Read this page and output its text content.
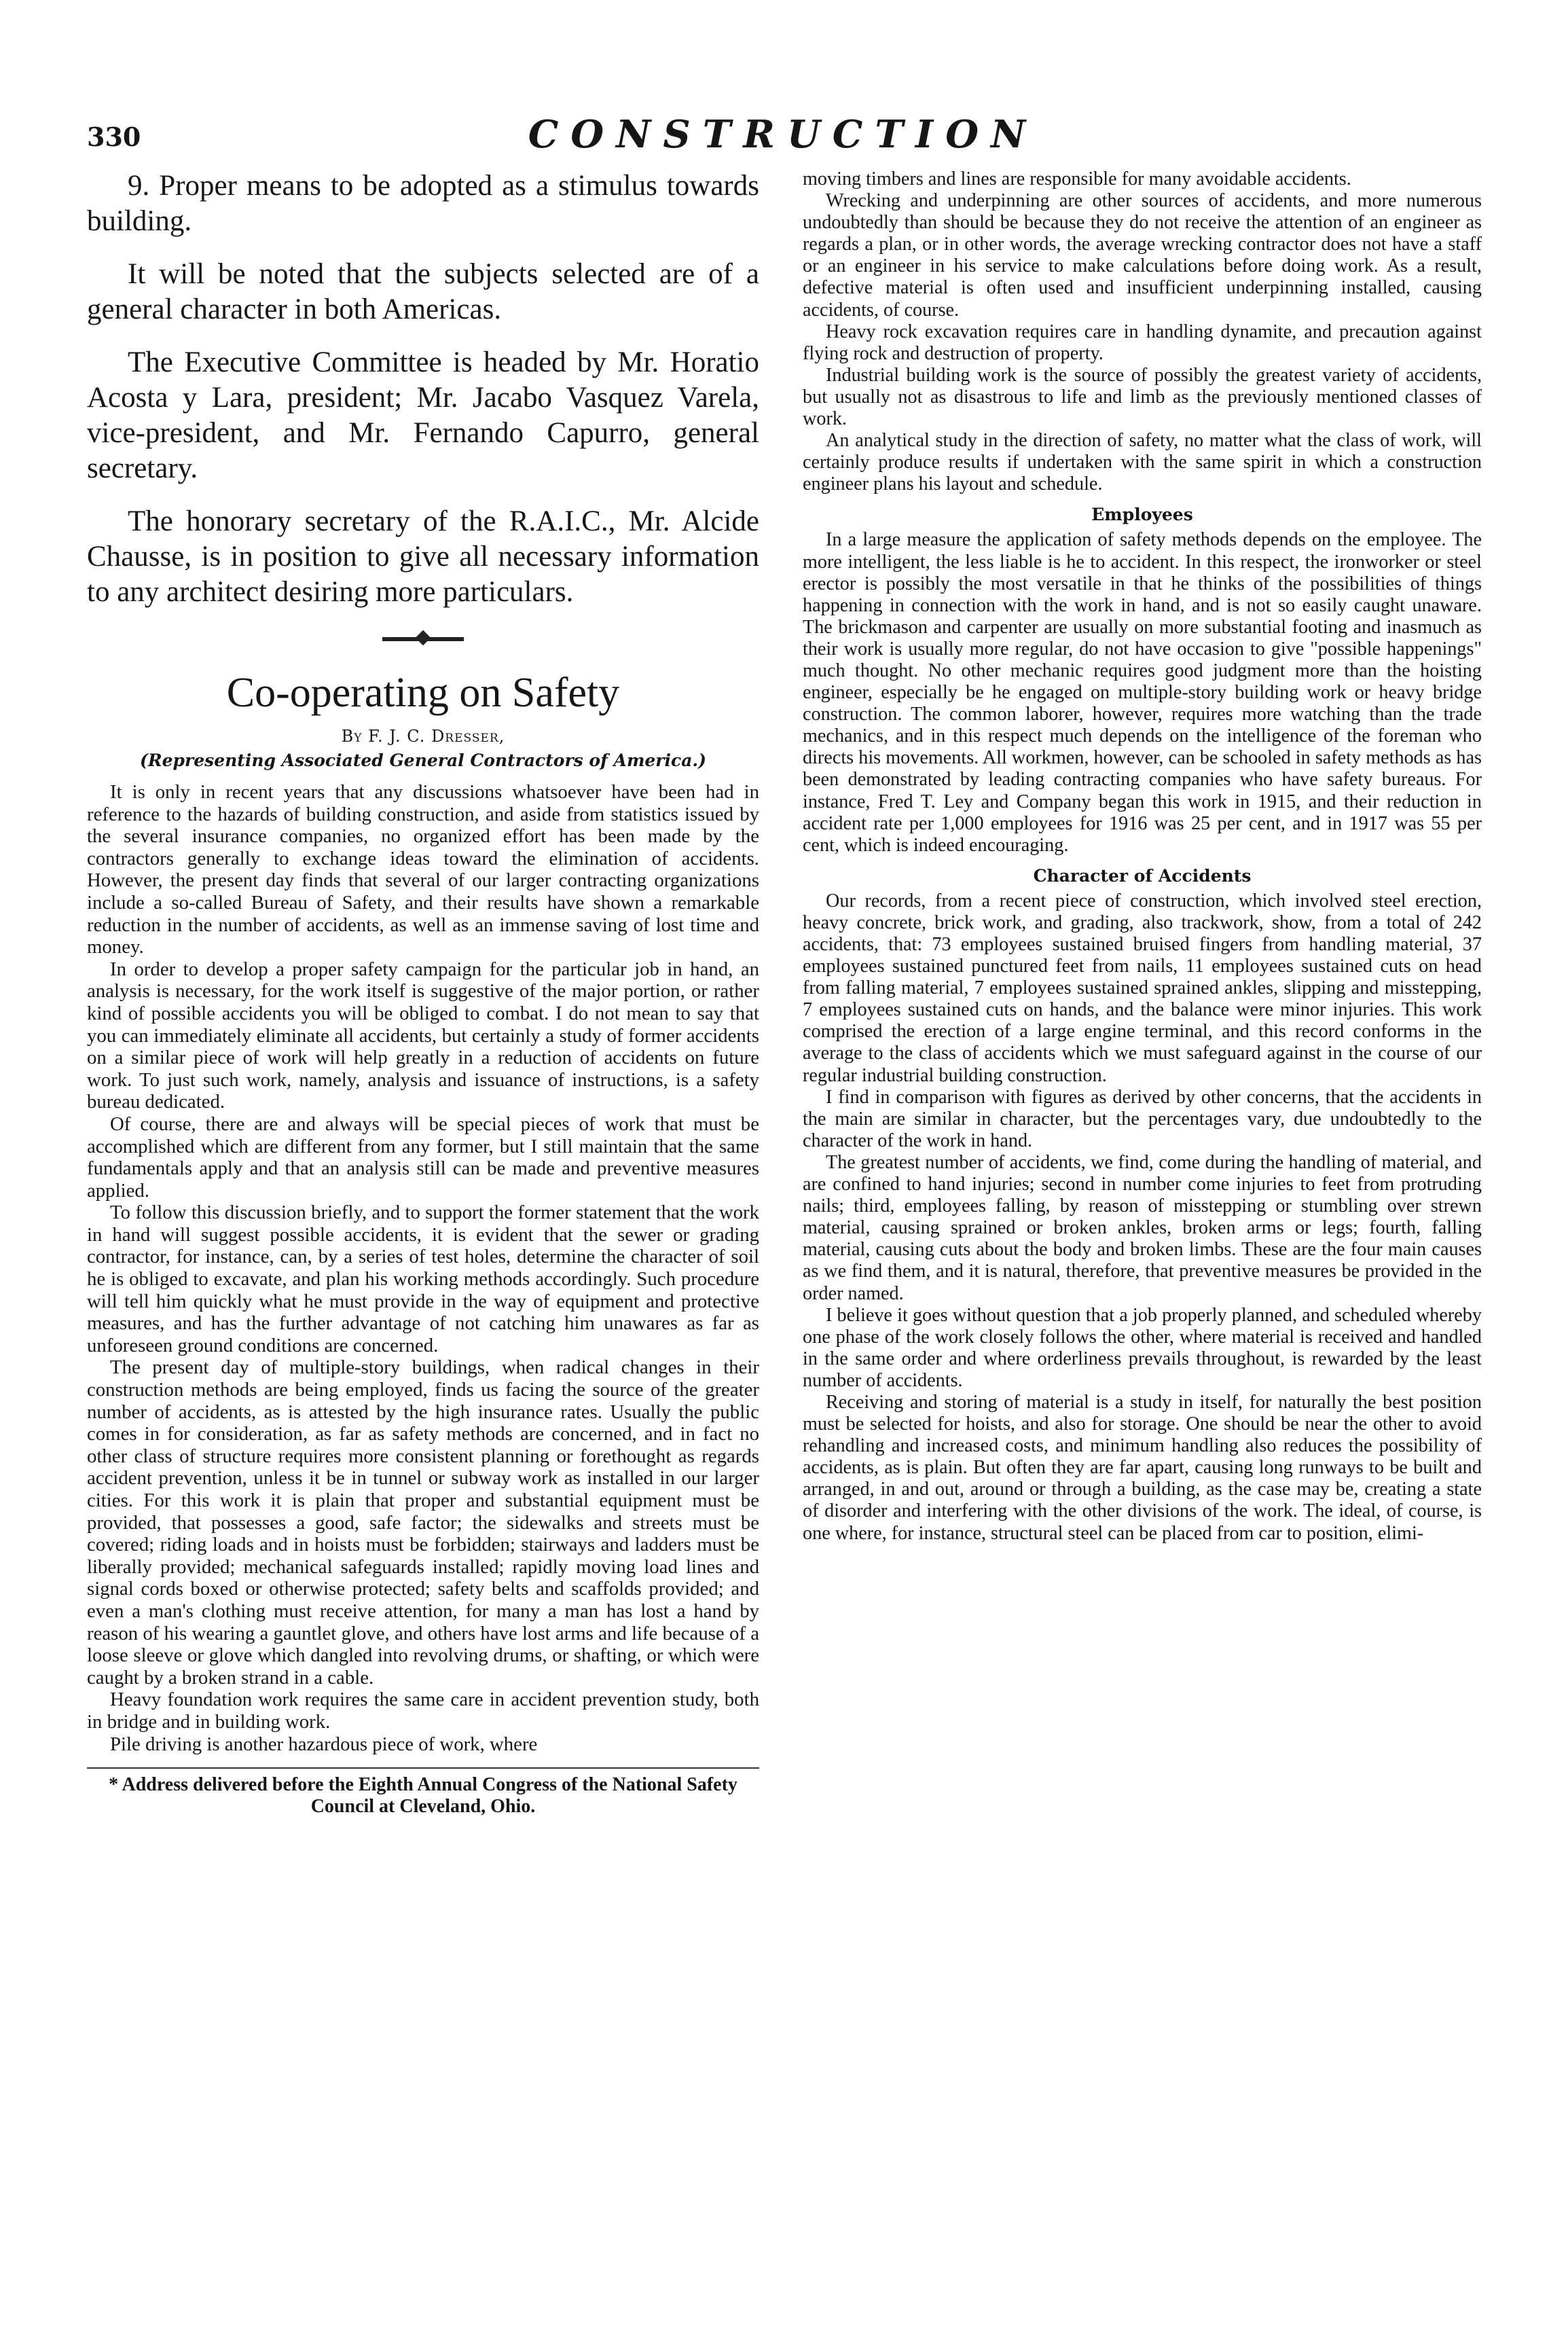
330	CONSTRUCTION

9. Proper means to be adopted as a stimulus towards building.

It will be noted that the subjects selected are of a general character in both Americas.

The Executive Committee is headed by Mr. Horatio Acosta y Lara, president; Mr. Jacabo Vasquez Varela, vice-president, and Mr. Fernando Capurro, general secretary.

The honorary secretary of the R.A.I.C., Mr. Alcide Chausse, is in position to give all necessary information to any architect desiring more particulars.

Co-operating on Safety

By F. J. C. Dresser,

(Representing Associated General Contractors of America.)

It is only in recent years that any discussions whatsoever have been had in reference to the hazards of building construction, and aside from statistics issued by the several insurance companies, no organized effort has been made by the contractors generally to exchange ideas toward the elimination of accidents. However, the present day finds that several of our larger contracting organizations include a so-called Bureau of Safety, and their results have shown a remarkable reduction in the number of accidents, as well as an immense saving of lost time and money.

In order to develop a proper safety campaign for the particular job in hand, an analysis is necessary, for the work itself is suggestive of the major portion, or rather kind of possible accidents you will be obliged to combat. I do not mean to say that you can immediately eliminate all accidents, but certainly a study of former accidents on a similar piece of work will help greatly in a reduction of accidents on future work. To just such work, namely, analysis and issuance of instructions, is a safety bureau dedicated.

Of course, there are and always will be special pieces of work that must be accomplished which are different from any former, but I still maintain that the same fundamentals apply and that an analysis still can be made and preventive measures applied.

To follow this discussion briefly, and to support the former statement that the work in hand will suggest possible accidents, it is evident that the sewer or grading contractor, for instance, can, by a series of test holes, determine the character of soil he is obliged to excavate, and plan his working methods accordingly. Such procedure will tell him quickly what he must provide in the way of equipment and protective measures, and has the further advantage of not catching him unawares as far as unforeseen ground conditions are concerned.

The present day of multiple-story buildings, when radical changes in their construction methods are being employed, finds us facing the source of the greater number of accidents, as is attested by the high insurance rates. Usually the public comes in for consideration, as far as safety methods are concerned, and in fact no other class of structure requires more consistent planning or forethought as regards accident prevention, unless it be in tunnel or subway work as installed in our larger cities. For this work it is plain that proper and substantial equipment must be provided, that possesses a good, safe factor; the sidewalks and streets must be covered; riding loads and in hoists must be forbidden; stairways and ladders must be liberally provided; mechanical safeguards installed; rapidly moving load lines and signal cords boxed or otherwise protected; safety belts and scaffolds provided; and even a man's clothing must receive attention, for many a man has lost a hand by reason of his wearing a gauntlet glove, and others have lost arms and life because of a loose sleeve or glove which dangled into revolving drums, or shafting, or which were caught by a broken strand in a cable.

Heavy foundation work requires the same care in accident prevention study, both in bridge and in building work.

Pile driving is another hazardous piece of work, where

* Address delivered before the Eighth Annual Congress of the National Safety Council at Cleveland, Ohio.

moving timbers and lines are responsible for many avoidable accidents.

Wrecking and underpinning are other sources of accidents, and more numerous undoubtedly than should be because they do not receive the attention of an engineer as regards a plan, or in other words, the average wrecking contractor does not have a staff or an engineer in his service to make calculations before doing work. As a result, defective material is often used and insufficient underpinning installed, causing accidents, of course.

Heavy rock excavation requires care in handling dynamite, and precaution against flying rock and destruction of property.

Industrial building work is the source of possibly the greatest variety of accidents, but usually not as disastrous to life and limb as the previously mentioned classes of work.

An analytical study in the direction of safety, no matter what the class of work, will certainly produce results if undertaken with the same spirit in which a construction engineer plans his layout and schedule.

Employees

In a large measure the application of safety methods depends on the employee. The more intelligent, the less liable is he to accident. In this respect, the ironworker or steel erector is possibly the most versatile in that he thinks of the possibilities of things happening in connection with the work in hand, and is not so easily caught unaware. The brickmason and carpenter are usually on more substantial footing and inasmuch as their work is usually more regular, do not have occasion to give "possible happenings" much thought. No other mechanic requires good judgment more than the hoisting engineer, especially be he engaged on multiple-story building work or heavy bridge construction. The common laborer, however, requires more watching than the trade mechanics, and in this respect much depends on the intelligence of the foreman who directs his movements. All workmen, however, can be schooled in safety methods as has been demonstrated by leading contracting companies who have safety bureaus. For instance, Fred T. Ley and Company began this work in 1915, and their reduction in accident rate per 1,000 employees for 1916 was 25 per cent, and in 1917 was 55 per cent, which is indeed encouraging.

Character of Accidents

Our records, from a recent piece of construction, which involved steel erection, heavy concrete, brick work, and grading, also trackwork, show, from a total of 242 accidents, that: 73 employees sustained bruised fingers from handling material, 37 employees sustained punctured feet from nails, 11 employees sustained cuts on head from falling material, 7 employees sustained sprained ankles, slipping and misstepping, 7 employees sustained cuts on hands, and the balance were minor injuries. This work comprised the erection of a large engine terminal, and this record conforms in the average to the class of accidents which we must safeguard against in the course of our regular industrial building construction.

I find in comparison with figures as derived by other concerns, that the accidents in the main are similar in character, but the percentages vary, due undoubtedly to the character of the work in hand.

The greatest number of accidents, we find, come during the handling of material, and are confined to hand injuries; second in number come injuries to feet from protruding nails; third, employees falling, by reason of misstepping or stumbling over strewn material, causing sprained or broken ankles, broken arms or legs; fourth, falling material, causing cuts about the body and broken limbs. These are the four main causes as we find them, and it is natural, therefore, that preventive measures be provided in the order named.

I believe it goes without question that a job properly planned, and scheduled whereby one phase of the work closely follows the other, where material is received and handled in the same order and where orderliness prevails throughout, is rewarded by the least number of accidents.

Receiving and storing of material is a study in itself, for naturally the best position must be selected for hoists, and also for storage. One should be near the other to avoid rehandling and increased costs, and minimum handling also reduces the possibility of accidents, as is plain. But often they are far apart, causing long runways to be built and arranged, in and out, around or through a building, as the case may be, creating a state of disorder and interfering with the other divisions of the work. The ideal, of course, is one where, for instance, structural steel can be placed from car to position, elimi-
